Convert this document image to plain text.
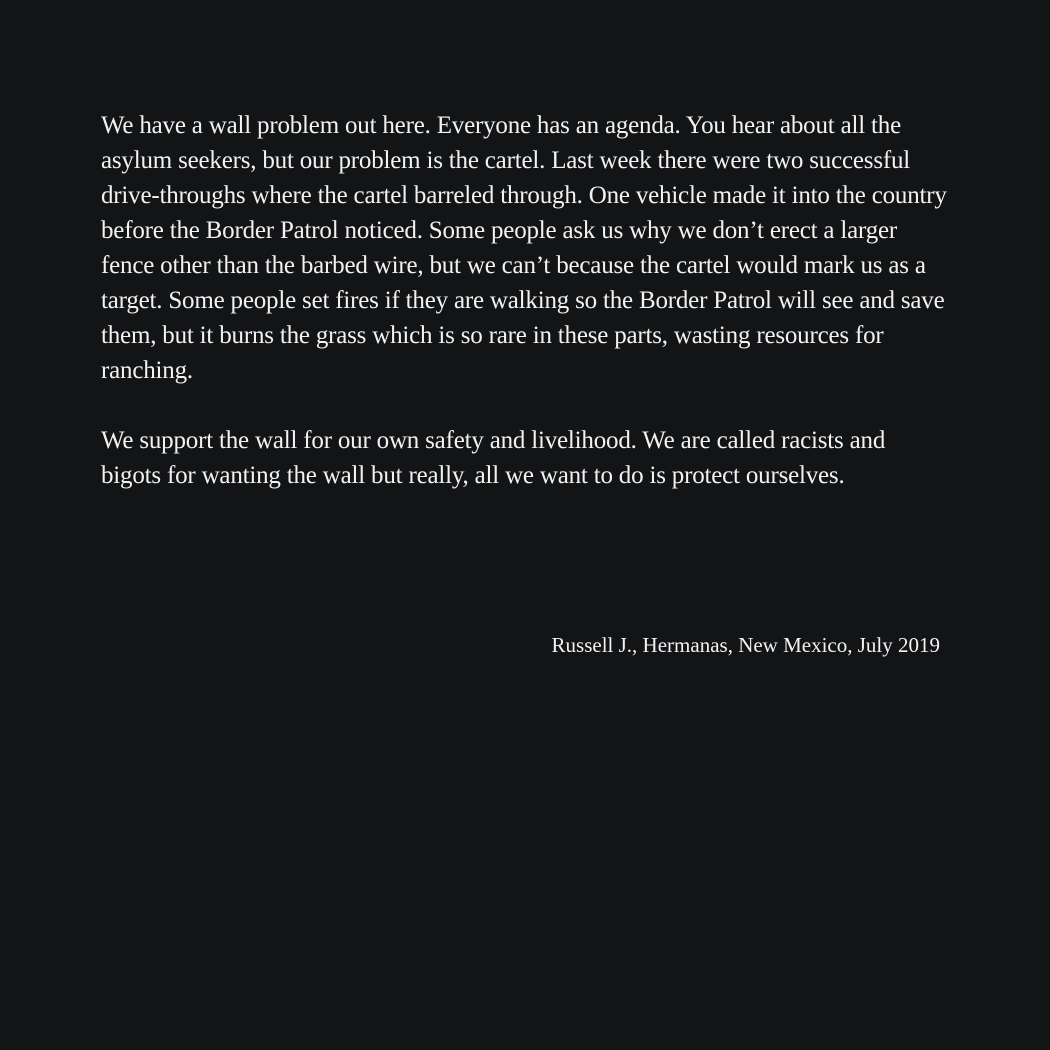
We have a wall problem out here. Everyone has an agenda. You hear about all the asylum seekers, but our problem is the cartel. Last week there were two successful drive-throughs where the cartel barreled through. One vehicle made it into the country before the Border Patrol noticed. Some people ask us why we don’t erect a larger fence other than the barbed wire, but we can’t because the cartel would mark us as a target. Some people set fires if they are walking so the Border Patrol will see and save them, but it burns the grass which is so rare in these parts, wasting resources for ranching.

We support the wall for our own safety and livelihood. We are called racists and bigots for wanting the wall but really, all we want to do is protect ourselves.

Russell J., Hermanas, New Mexico, July 2019
